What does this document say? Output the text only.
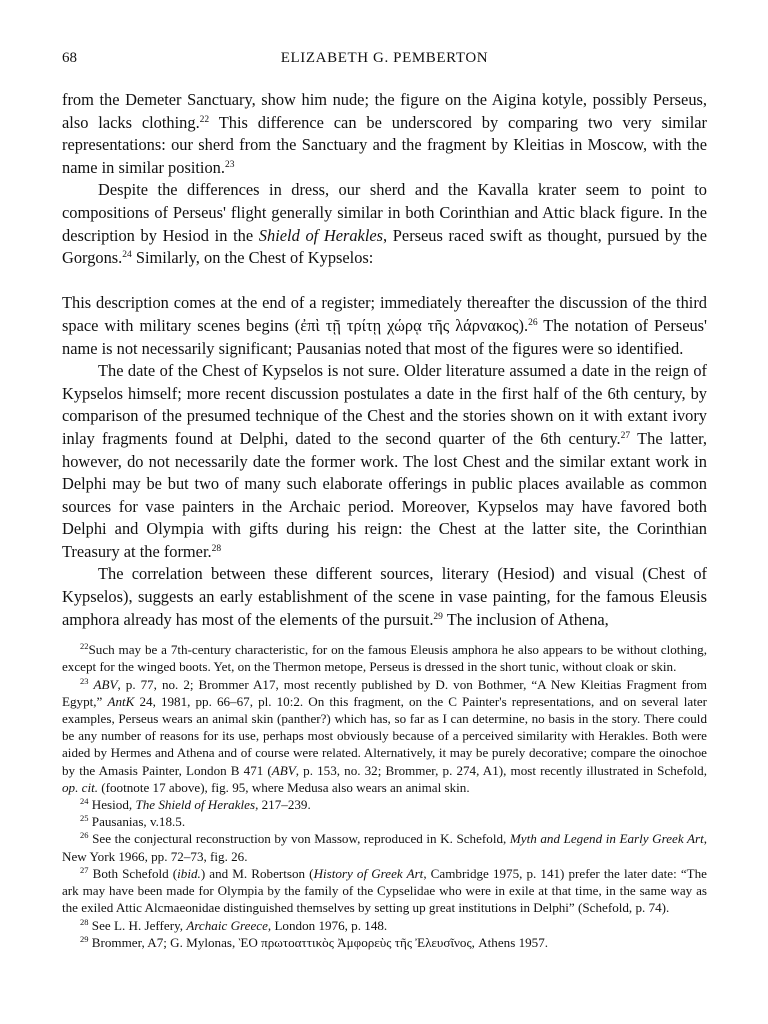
68	ELIZABETH G. PEMBERTON

from the Demeter Sanctuary, show him nude; the figure on the Aigina kotyle, possibly Perseus, also lacks clothing.$^{22}$ This difference can be underscored by comparing two very similar representations: our sherd from the Sanctuary and the fragment by Kleitias in Moscow, with the name in similar position.$^{23}$

Despite the differences in dress, our sherd and the Kavalla krater seem to point to compositions of Perseus' flight generally similar in both Corinthian and Attic black figure. In the description by Hesiod in the Shield of Herakles, Perseus raced swift as thought, pursued by the Gorgons.$^{24}$ Similarly, on the Chest of Kypselos:

This description comes at the end of a register; immediately thereafter the discussion of the third space with military scenes begins (ἐπὶ τῇ τρίτῃ χώρᾳ τῆς λάρνακος).$^{26}$ The notation of Perseus' name is not necessarily significant; Pausanias noted that most of the figures were so identified.

The date of the Chest of Kypselos is not sure. Older literature assumed a date in the reign of Kypselos himself; more recent discussion postulates a date in the first half of the 6th century, by comparison of the presumed technique of the Chest and the stories shown on it with extant ivory inlay fragments found at Delphi, dated to the second quarter of the 6th century.$^{27}$ The latter, however, do not necessarily date the former work. The lost Chest and the similar extant work in Delphi may be but two of many such elaborate offerings in public places available as common sources for vase painters in the Archaic period. Moreover, Kypselos may have favored both Delphi and Olympia with gifts during his reign: the Chest at the latter site, the Corinthian Treasury at the former.$^{28}$

The correlation between these different sources, literary (Hesiod) and visual (Chest of Kypselos), suggests an early establishment of the scene in vase painting, for the famous Eleusis amphora already has most of the elements of the pursuit.$^{29}$ The inclusion of Athena,

$^{22}$Such may be a 7th-century characteristic, for on the famous Eleusis amphora he also appears to be without clothing, except for the winged boots. Yet, on the Thermon metope, Perseus is dressed in the short tunic, without cloak or skin.

$^{23}$ ABV, p. 77, no. 2; Brommer A17, most recently published by D. von Bothmer, “A New Kleitias Fragment from Egypt,” AntK 24, 1981, pp. 66–67, pl. 10:2. On this fragment, on the C Painter's representations, and on several later examples, Perseus wears an animal skin (panther?) which has, so far as I can determine, no basis in the story. There could be any number of reasons for its use, perhaps most obviously because of a perceived similarity with Herakles. Both were aided by Hermes and Athena and of course were related. Alternatively, it may be purely decorative; compare the oinochoe by the Amasis Painter, London B 471 (ABV, p. 153, no. 32; Brommer, p. 274, A1), most recently illustrated in Schefold, op. cit. (footnote 17 above), fig. 95, where Medusa also wears an animal skin.

$^{24}$ Hesiod, The Shield of Herakles, 217–239.

$^{25}$ Pausanias, v.18.5.

$^{26}$ See the conjectural reconstruction by von Massow, reproduced in K. Schefold, Myth and Legend in Early Greek Art, New York 1966, pp. 72–73, fig. 26.

$^{27}$ Both Schefold (ibid.) and M. Robertson (History of Greek Art, Cambridge 1975, p. 141) prefer the later date: “The ark may have been made for Olympia by the family of the Cypselidae who were in exile at that time, in the same way as the exiled Attic Alcmaeonidae distinguished themselves by setting up great institutions in Delphi” (Schefold, p. 74).

$^{28}$ See L. H. Jeffery, Archaic Greece, London 1976, p. 148.

$^{29}$ Brommer, A7; G. Mylonas, ῈΟ πρωτοαττικὸς Ἀμφορεὺς τῆς Ἐλευσῖνος, Athens 1957.
